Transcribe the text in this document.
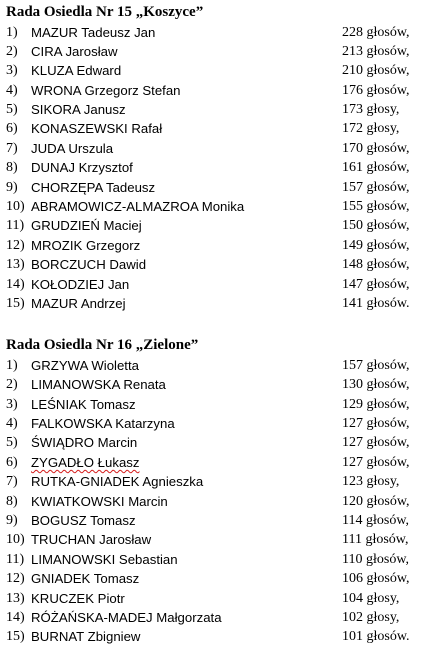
Rada Osiedla Nr 15 „Koszyce”
1) MAZUR Tadeusz Jan	228 głosów,
2) CIRA Jarosław	213 głosów,
3) KLUZA Edward	210 głosów,
4) WRONA Grzegorz Stefan	176 głosów,
5) SIKORA Janusz	173 głosy,
6) KONASZEWSKI Rafał	172 głosy,
7) JUDA Urszula	170 głosów,
8) DUNAJ Krzysztof	161 głosów,
9) CHORZĘPA Tadeusz	157 głosów,
10) ABRAMOWICZ-ALMAZROA Monika	155 głosów,
11) GRUDZIEŃ Maciej	150 głosów,
12) MROZIK Grzegorz	149 głosów,
13) BORCZUCH Dawid	148 głosów,
14) KOŁODZIEJ Jan	147 głosów,
15) MAZUR Andrzej	141 głosów.
Rada Osiedla Nr 16 „Zielone”
1) GRZYWA Wioletta	157 głosów,
2) LIMANOWSKA Renata	130 głosów,
3) LEŚNIAK Tomasz	129 głosów,
4) FALKOWSKA Katarzyna	127 głosów,
5) ŚWIĄDRO Marcin	127 głosów,
6) ZYGADŁO Łukasz	127 głosów,
7) RUTKA-GNIADEK Agnieszka	123 głosy,
8) KWIATKOWSKI Marcin	120 głosów,
9) BOGUSZ Tomasz	114 głosów,
10) TRUCHAN Jarosław	111 głosów,
11) LIMANOWSKI Sebastian	110 głosów,
12) GNIADEK Tomasz	106 głosów,
13) KRUCZEK Piotr	104 głosy,
14) RÓŻAŃSKA-MADEJ Małgorzata	102 głosy,
15) BURNAT Zbigniew	101 głosów.
